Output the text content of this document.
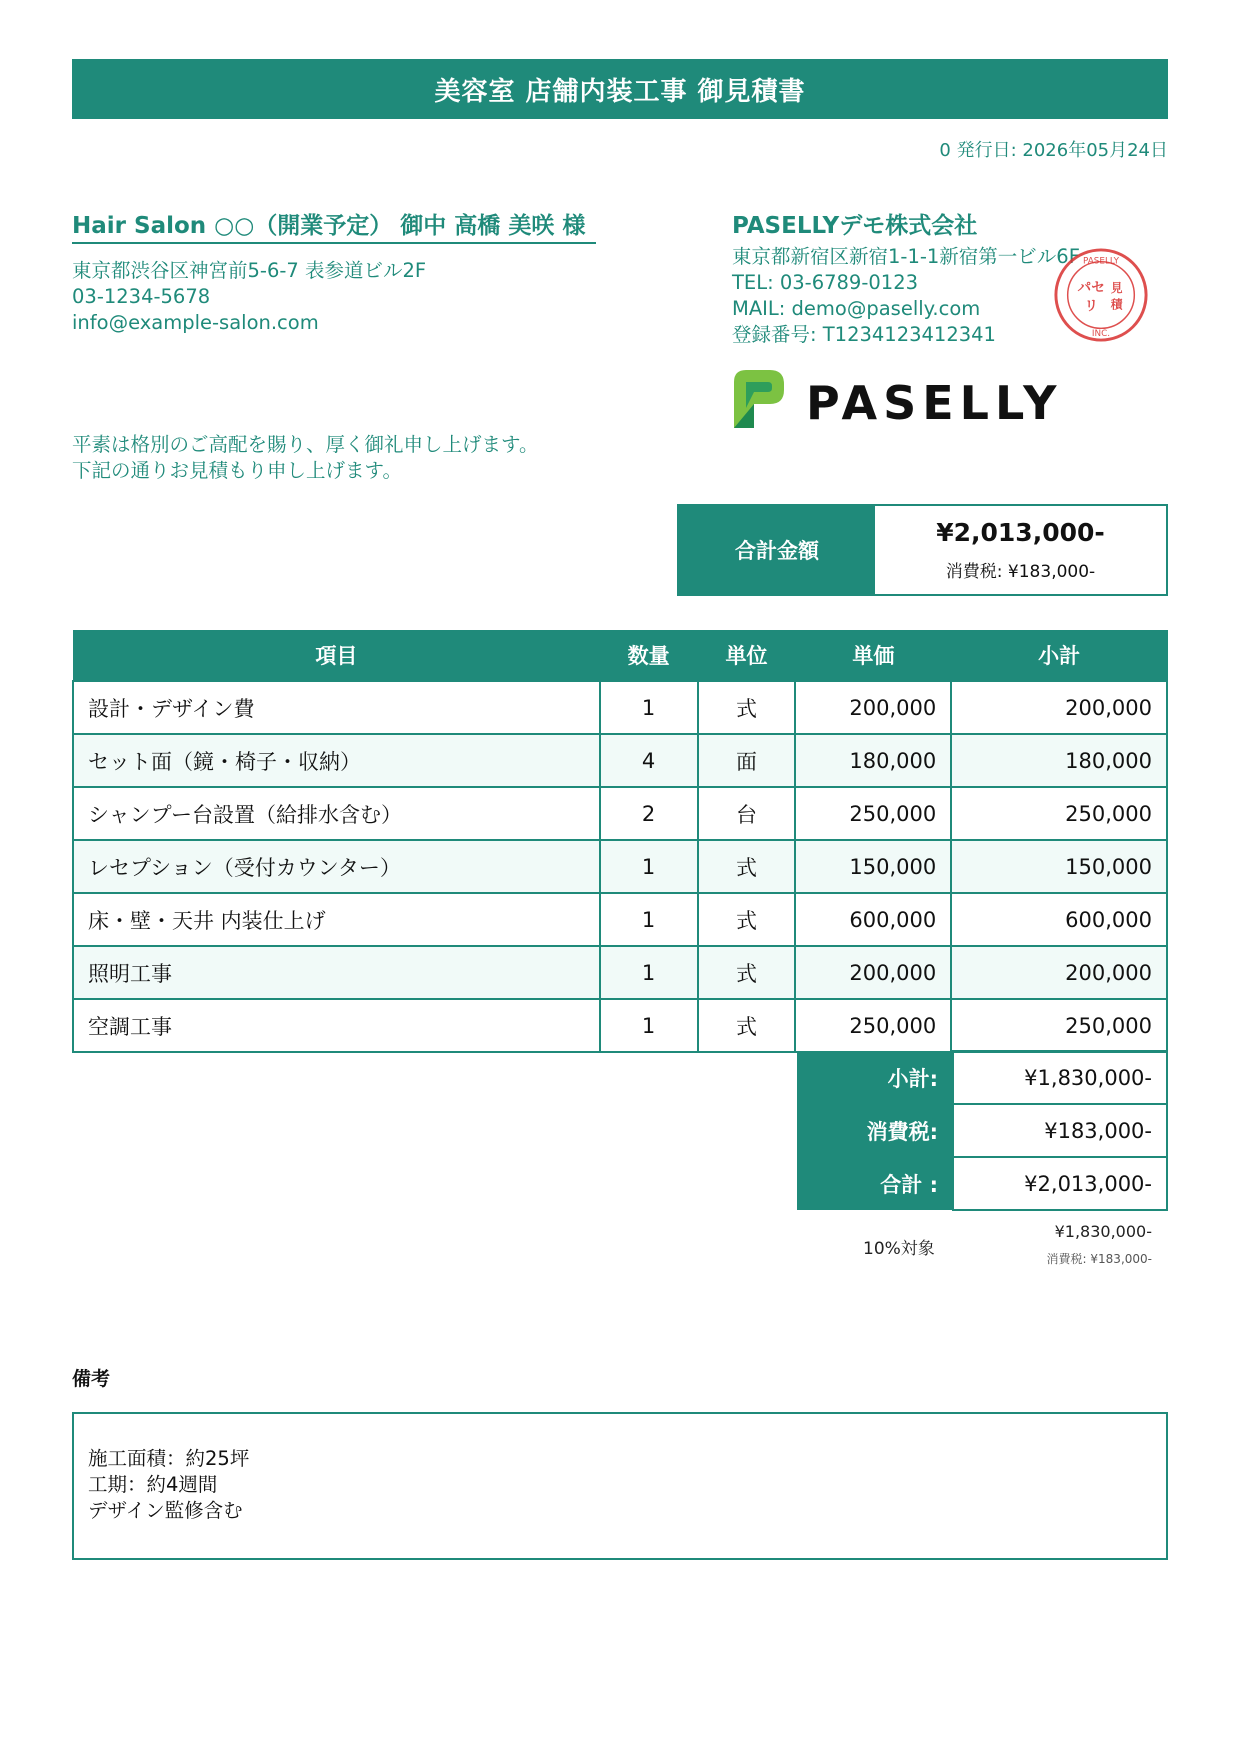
美容室 店舗内装工事 御見積書
0 発行日: 2026年05月24日
Hair Salon ○○（開業予定） 御中 高橋 美咲 様
東京都渋谷区神宮前5-6-7 表参道ビル2F
03-1234-5678
info@example-salon.com
平素は格別のご高配を賜り、厚く御礼申し上げます。
下記の通りお見積もり申し上げます。
PASELLYデモ株式会社
東京都新宿区新宿1-1-1新宿第一ビル6F
TEL: 03-6789-0123
MAIL: demo@paselly.com
登録番号: T1234123412341
PASELLY
INC.
パセ
リ
見
積
PASELLY
合計金額
¥2,013,000-
消費税: ¥183,000-
項目	数量	単位	単価	小計
設計・デザイン費	1	式	200,000	200,000
セット面（鏡・椅子・収納）	4	面	180,000	180,000
シャンプー台設置（給排水含む）	2	台	250,000	250,000
レセプション（受付カウンター）	1	式	150,000	150,000
床・壁・天井 内装仕上げ	1	式	600,000	600,000
照明工事	1	式	200,000	200,000
空調工事	1	式	250,000	250,000
小計:	¥1,830,000-
消費税:	¥183,000-
合計 :	¥2,013,000-
10%対象
¥1,830,000-
消費税: ¥183,000-
備考
施工面積：約25坪
工期：約4週間
デザイン監修含む
